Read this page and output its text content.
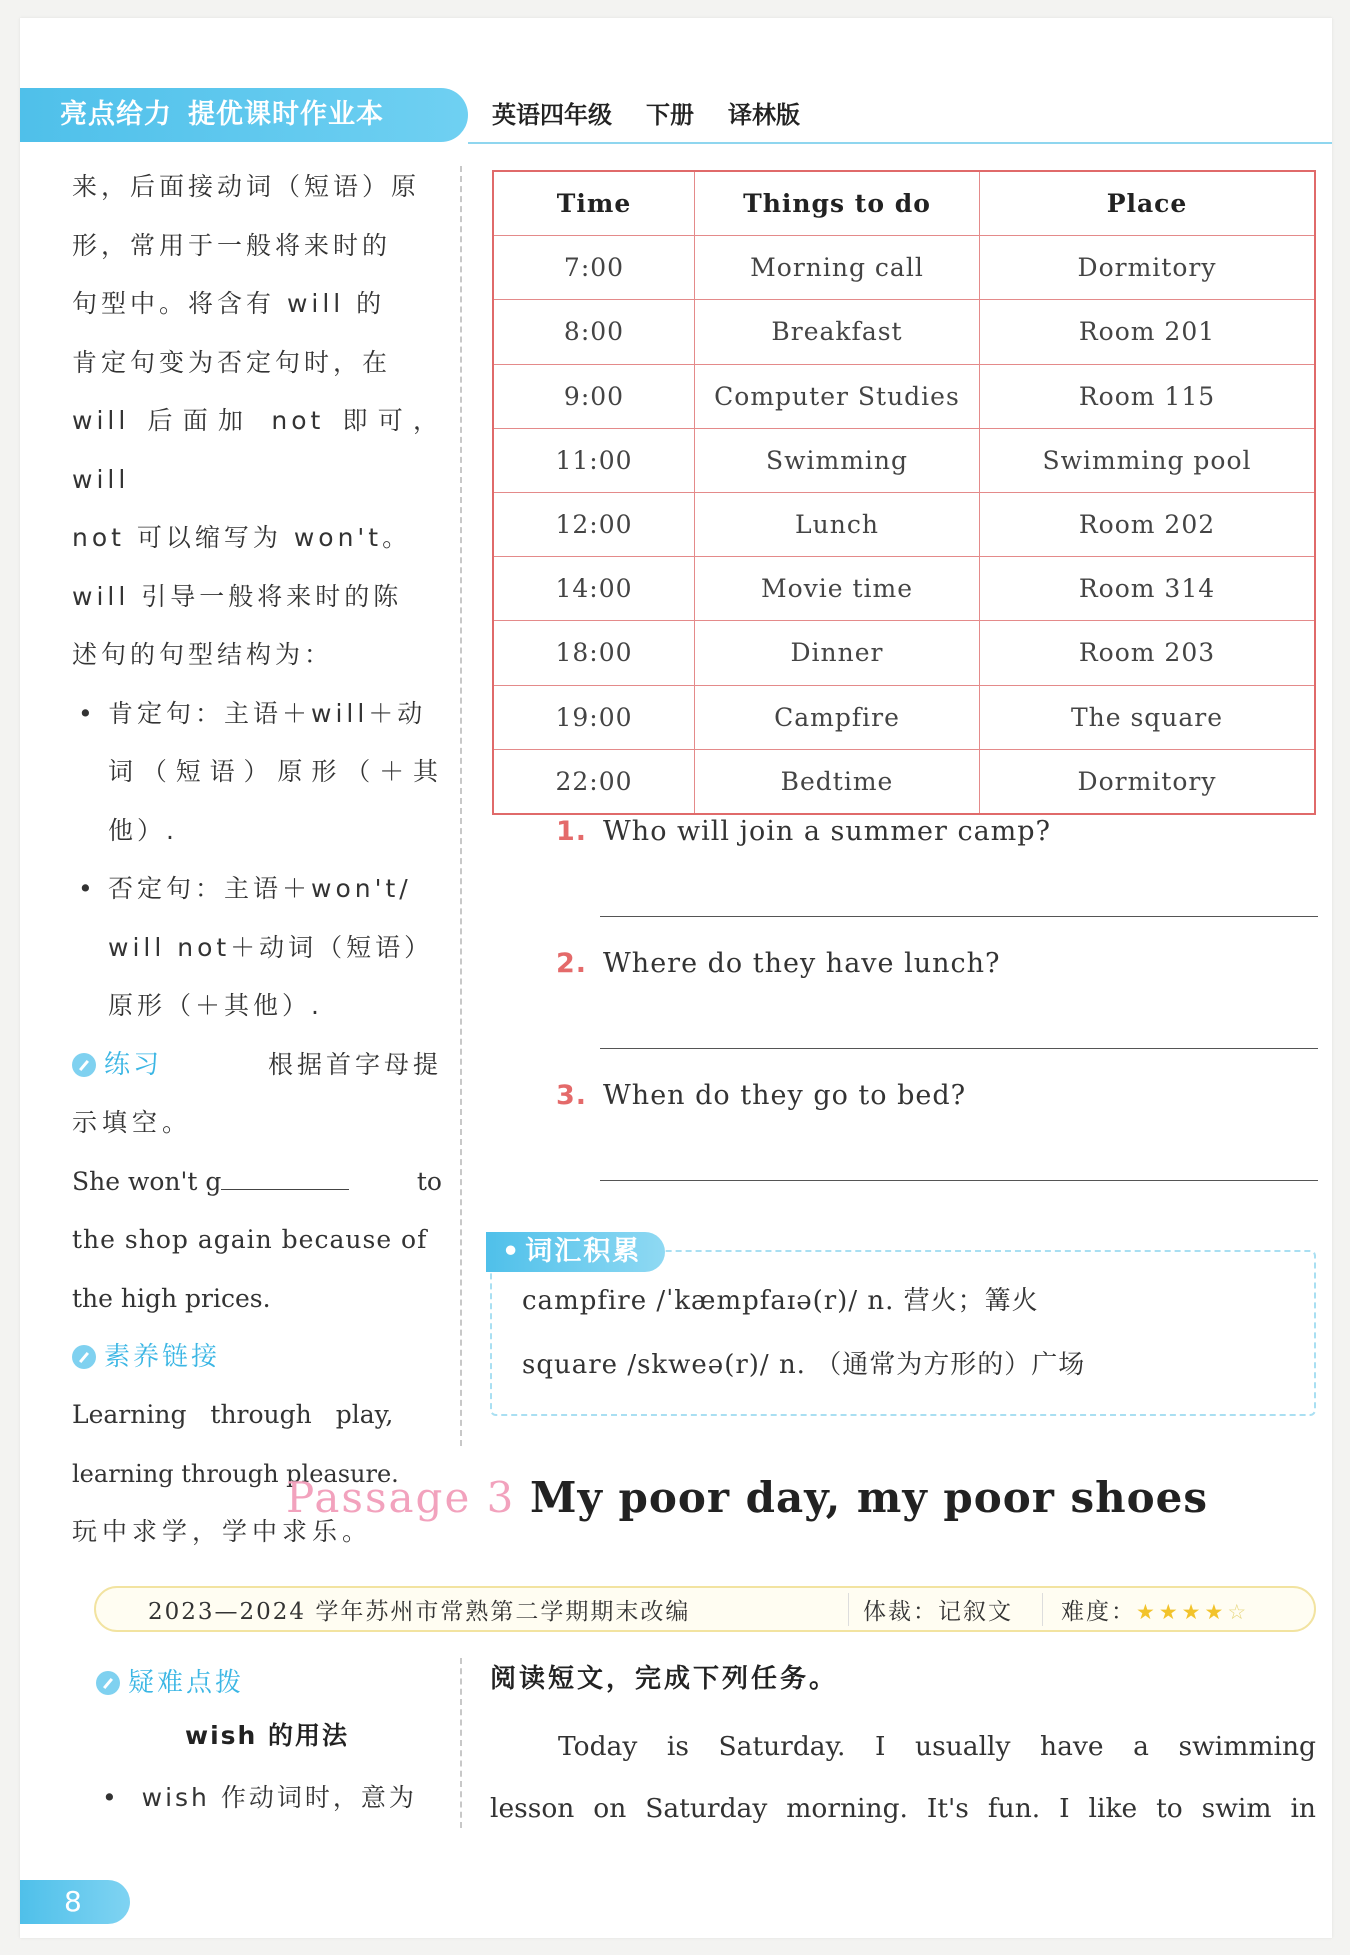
亮点给力 提优课时作业本	英语四年级 下册 译林版
来，后面接动词（短语）原
形，常用于一般将来时的
句型中。将含有 will 的
肯定句变为否定句时，在
will 后面加 not 即可，will
not 可以缩写为 won't。
will 引导一般将来时的陈
述句的句型结构为：
• 肯定句：主语＋will＋动
词（短语）原形（＋其他）.
• 否定句：主语＋won't/
will not＋动词（短语）
原形（＋其他）.
练习	根据首字母提
示填空。
She won't g	to
the shop again because of
the high prices.
素养链接
Learning through play,
learning through pleasure.
玩中求学，学中求乐。
Time	Things to do	Place
7:00	Morning call	Dormitory
8:00	Breakfast	Room 201
9:00	Computer Studies	Room 115
11:00	Swimming	Swimming pool
12:00	Lunch	Room 202
14:00	Movie time	Room 314
18:00	Dinner	Room 203
19:00	Campfire	The square
22:00	Bedtime	Dormitory
1. Who will join a summer camp?
2. Where do they have lunch?
3. When do they go to bed?
• 词汇积累
campfire /ˈkæmpfaɪə(r)/ n. 营火；篝火
square /skweə(r)/ n. （通常为方形的）广场
Passage 3 My poor day, my poor shoes
2023—2024 学年苏州市常熟第二学期期末改编	体裁：记叙文	难度：★★★★☆
疑难点拨
wish 的用法
•  wish 作动词时，意为
阅读短文，完成下列任务。

Today is Saturday. I usually have a swimming

lesson on Saturday morning. It's fun. I like to swim in

8
